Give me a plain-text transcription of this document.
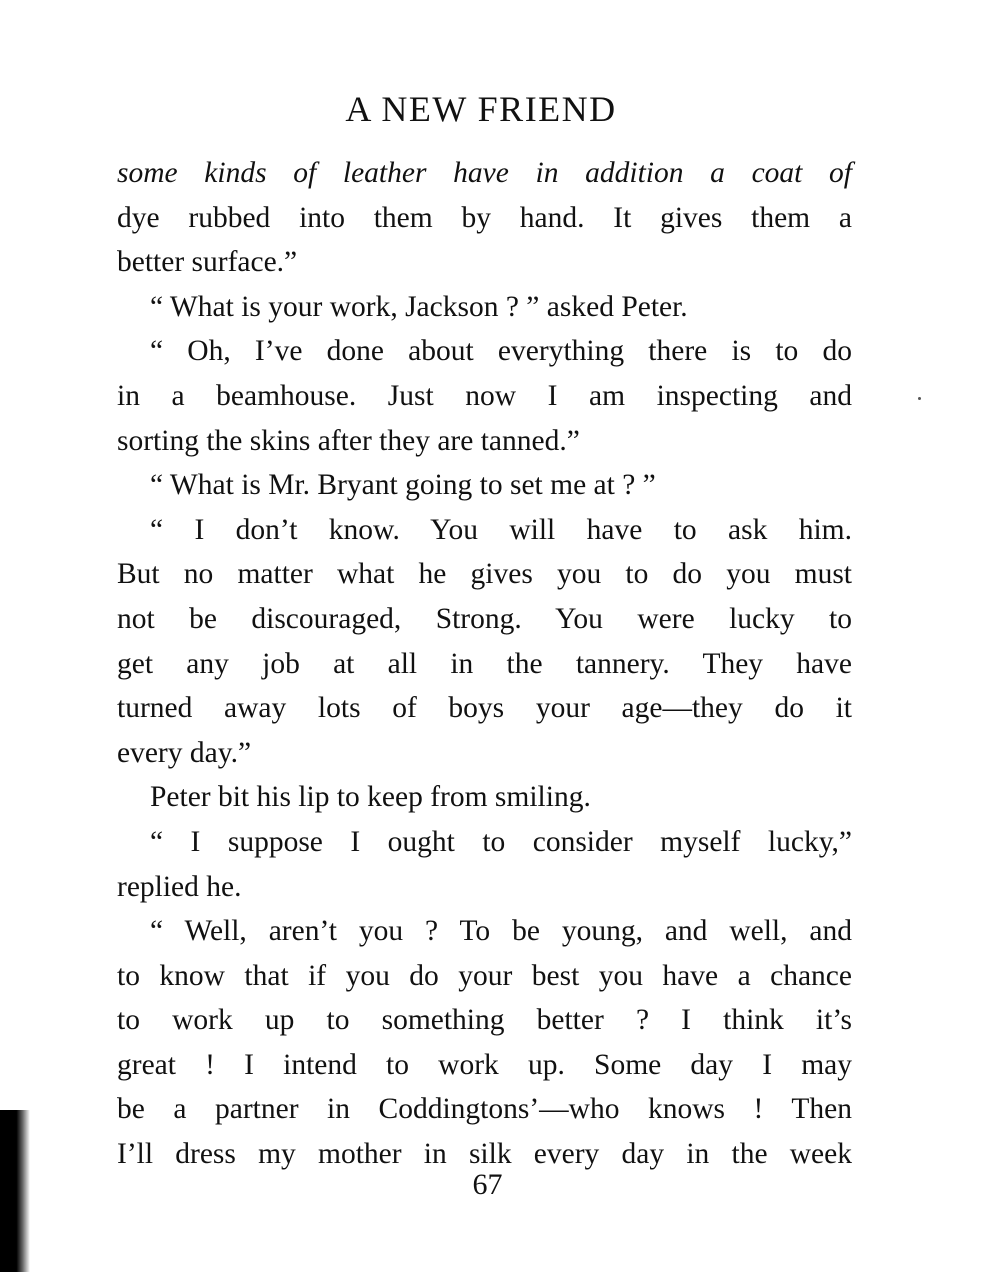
A NEW FRIEND
some kinds of leather have in addition a coat of
dye rubbed into them by hand. It gives them a
better surface.”
“ What is your work, Jackson ? ” asked Peter.
“ Oh, I’ve done about everything there is to do
in a beamhouse. Just now I am inspecting and
sorting the skins after they are tanned.”
“ What is Mr. Bryant going to set me at ? ”
“ I don’t know. You will have to ask him.
But no matter what he gives you to do you must
not be discouraged, Strong. You were lucky to
get any job at all in the tannery. They have
turned away lots of boys your age—they do it
every day.”
Peter bit his lip to keep from smiling.
“ I suppose I ought to consider myself lucky,”
replied he.
“ Well, aren’t you ? To be young, and well, and
to know that if you do your best you have a chance
to work up to something better ? I think it’s
great ! I intend to work up. Some day I may
be a partner in Coddingtons’—who knows ! Then
I’ll dress my mother in silk every day in the week
67
